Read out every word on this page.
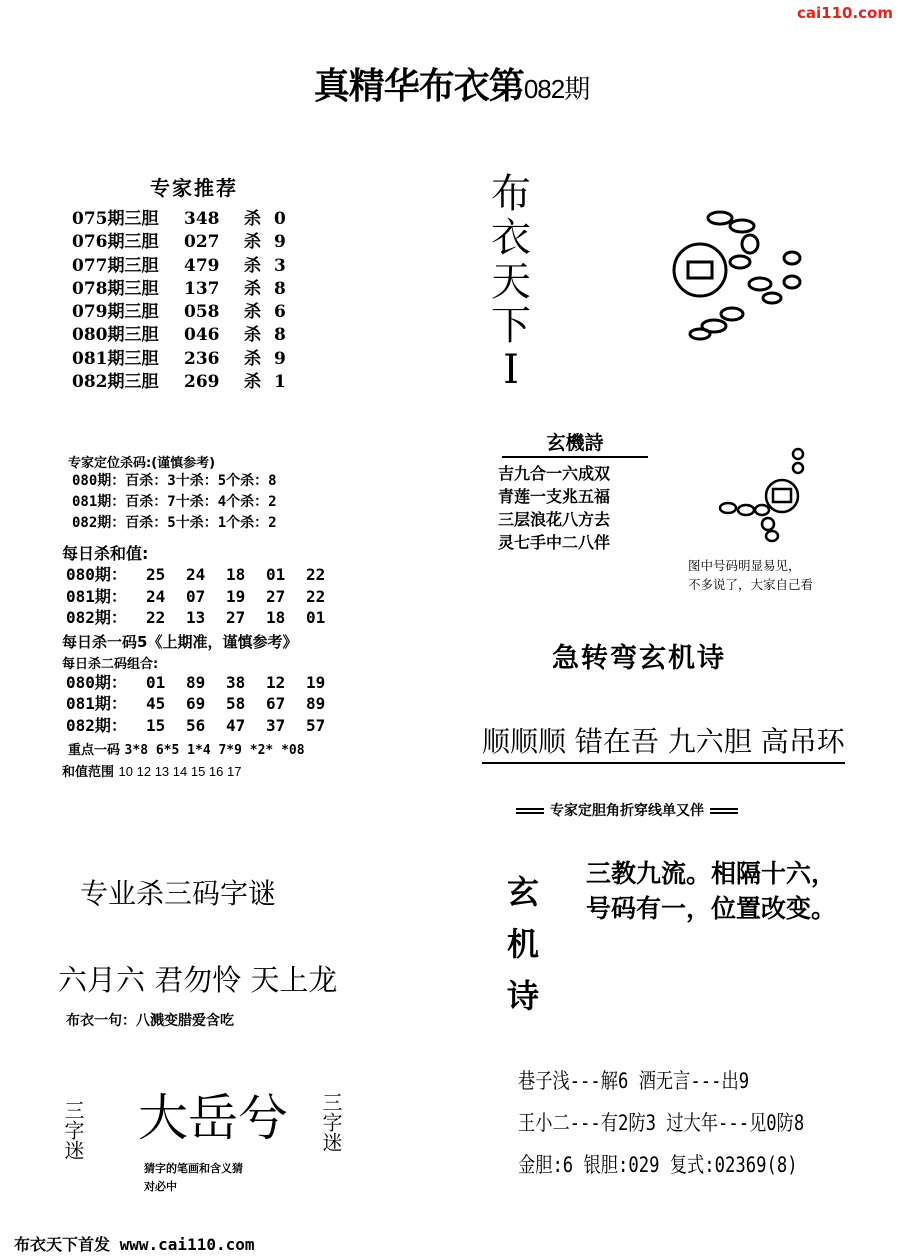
cai110.com
真精华布衣第082期
专家推荐
075期三胆 348 杀 0
076期三胆 027 杀 9
077期三胆 479 杀 3
078期三胆 137 杀 8
079期三胆 058 杀 6
080期三胆 046 杀 8
081期三胆 236 杀 9
082期三胆 269 杀 1
专家定位杀码:(谨慎参考)
080期：百杀：3十杀：5个杀：8
081期：百杀：7十杀：4个杀：2
082期：百杀：5十杀：1个杀：2
每日杀和值:
080期： 25 24 18 01 22
081期： 24 07 19 27 22
082期： 22 13 27 18 01
每日杀一码5《上期准，谨慎参考》
每日杀二码组合:
080期： 01 89 38 12 19
081期： 45 69 58 67 89
082期： 15 56 47 37 57
重点一码 3*8 6*5 1*4 7*9 *2* *08
和值范围 10 12 13 14 15 16 17
专业杀三码字谜
六月六 君勿怜 天上龙
布衣一句：八溅变腊爱含吃
三字迷 大岳兮 三字迷
猜字的笔画和含义猜
对必中
布衣天下首发 www.cai110.com
布
衣
天
下
I
玄機詩
吉九合一六成双
青莲一支兆五福
三层浪花八方去
灵七手中二八伴
图中号码明显易见，
不多说了，大家自己看
急转弯玄机诗
顺顺顺 错在吾 九六胆 高吊环
专家定胆角折穿线单又伴
玄
机
诗
三教九流。相隔十六，
号码有一，位置改变。
巷子浅---解6 酒无言---出9
王小二---有2防3 过大年---见0防8
金胆:6 银胆:029 复式:02369(8)
